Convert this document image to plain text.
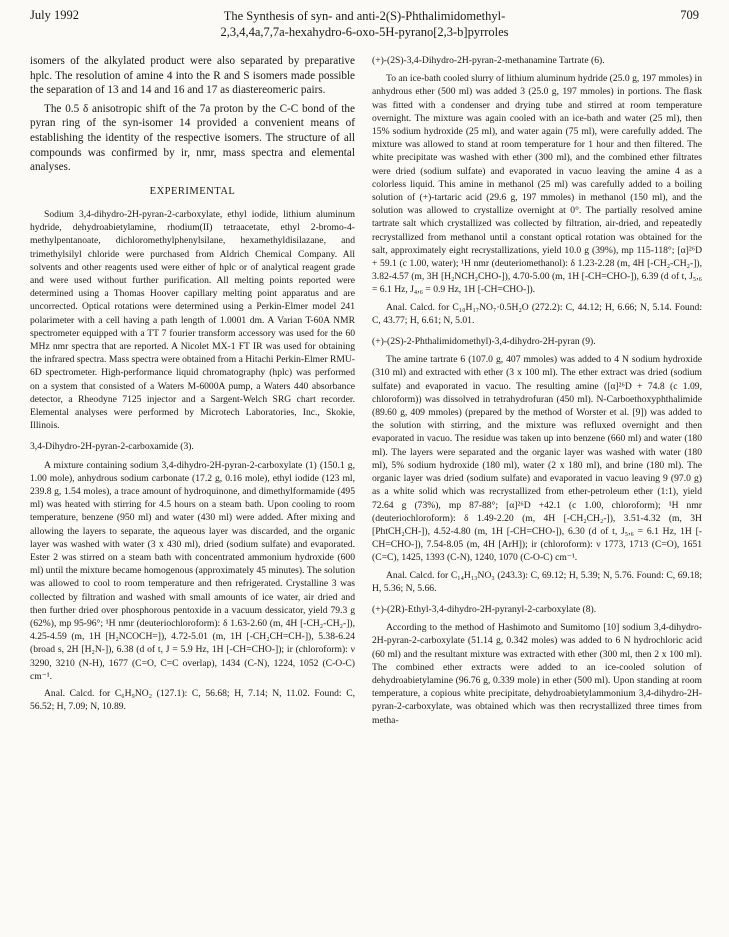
July 1992	The Synthesis of syn- and anti-2(S)-Phthalimidomethyl-
2,3,4,4a,7,7a-hexahydro-6-oxo-5H-pyrano[2,3-b]pyrroles
709

isomers of the alkylated product were also separated by preparative hplc. The resolution of amine 4 into the R and S isomers made possible the separation of 13 and 14 and 16 and 17 as diastereomeric pairs.

The 0.5 δ anisotropic shift of the 7a proton by the C-C bond of the pyran ring of the syn-isomer 14 provided a convenient means of establishing the identity of the respective isomers. The structure of all compounds was confirmed by ir, nmr, mass spectra and elemental analyses.

EXPERIMENTAL

Sodium 3,4-dihydro-2H-pyran-2-carboxylate, ethyl iodide, lithium aluminum hydride, dehydroabietylamine, rhodium(II) tetraacetate, ethyl 2-bromo-4-methylpentanoate, dichloromethylphenylsilane, hexamethyldisilazane, and trimethylsilyl chloride were purchased from Aldrich Chemical Company. All solvents and other reagents used were either of hplc or of analytical reagent grade and were used without further purification. All melting points reported were determined using a Thomas Hoover capillary melting point apparatus and are uncorrected. Optical rotations were determined using a Perkin-Elmer model 241 polarimeter with a cell having a path length of 1.0001 dm. A Varian T-60A NMR spectrometer equipped with a TT 7 fourier transform accessory was used for the 60 MHz nmr spectra that are reported. A Nicolet MX-1 FT IR was used for obtaining the infrared spectra. Mass spectra were obtained from a Hitachi Perkin-Elmer RMU-6D spectrometer. High-performance liquid chromatography (hplc) was performed on a system that consisted of a Waters M-6000A pump, a Waters 440 absorbance detector, a Rheodyne 7125 injector and a Sargent-Welch SRG chart recorder. Elemental analyses were performed by Microtech Laboratories, Inc., Skokie, Illinois.

3,4-Dihydro-2H-pyran-2-carboxamide (3).

A mixture containing sodium 3,4-dihydro-2H-pyran-2-carboxylate (1) (150.1 g, 1.00 mole), anhydrous sodium carbonate (17.2 g, 0.16 mole), ethyl iodide (123 ml, 239.8 g, 1.54 moles), a trace amount of hydroquinone, and dimethylformamide (495 ml) was heated with stirring for 4.5 hours on a steam bath. Upon cooling to room temperature, benzene (950 ml) and water (430 ml) were added. After mixing and allowing the layers to separate, the aqueous layer was discarded, and the organic layer was washed with water (3 x 430 ml), dried (sodium sulfate) and evaporated. Ester 2 was stirred on a steam bath with concentrated ammonium hydroxide (600 ml) until the mixture became homogenous (approximately 45 minutes). The solution was allowed to cool to room temperature and then refrigerated. Crystalline 3 was collected by filtration and washed with small amounts of ice water, air dried and then further dried over phosphorous pentoxide in a vacuum dessicator, yield 79.3 g (62%), mp 95-96°; ¹H nmr (deuteriochloroform): δ 1.63-2.60 (m, 4H [-CH₂-CH₂-]), 4.25-4.59 (m, 1H [H₂NCOCH=]), 4.72-5.01 (m, 1H [-CH₂CH=CH-]), 5.38-6.24 (broad s, 2H [H₂N-]), 6.38 (d of t, J = 5.9 Hz, 1H [-CH=CHO-]); ir (chloroform): ν 3290, 3210 (N-H), 1677 (C=O, C=C overlap), 1434 (C-N), 1224, 1052 (C-O-C) cm⁻¹.

Anal. Calcd. for C₆H₉NO₂ (127.1): C, 56.68; H, 7.14; N, 11.02. Found: C, 56.52; H, 7.09; N, 10.89.

(+)-(2S)-3,4-Dihydro-2H-pyran-2-methanamine Tartrate (6).

To an ice-bath cooled slurry of lithium aluminum hydride (25.0 g, 197 mmoles) in anhydrous ether (500 ml) was added 3 (25.0 g, 197 mmoles) in portions. The flask was fitted with a condenser and drying tube and stirred at room temperature overnight. The mixture was again cooled with an ice-bath and water (25 ml), then 15% sodium hydroxide (25 ml), and water again (75 ml), were carefully added. The mixture was allowed to stand at room temperature for 1 hour and then filtered. The white precipitate was washed with ether (300 ml), and the combined ether filtrates were dried (sodium sulfate) and evaporated in vacuo leaving the amine 4 as a colorless liquid. This amine in methanol (25 ml) was carefully added to a boiling solution of (+)-tartaric acid (29.6 g, 197 mmoles) in methanol (150 ml), and the solution was allowed to crystallize overnight at 0°. The partially resolved amine tartrate salt which crystallized was collected by filtration, air-dried, and repeatedly recrystallized from methanol until a constant optical rotation was obtained for the salt, approximately eight recrystallizations, yield 10.0 g (39%), mp 115-118°; [α]²⁶D + 59.1 (c 1.00, water); ¹H nmr (deuteriomethanol): δ 1.23-2.28 (m, 4H [-CH₂-CH₂-]), 3.82-4.57 (m, 3H [H₂NCH₂CHO-]), 4.70-5.00 (m, 1H [-CH=CHO-]), 6.39 (d of t, J₅,₆ = 6.1 Hz, J₄,₆ = 0.9 Hz, 1H [-CH=CHO-]).

Anal. Calcd. for C₁₀H₁₇NO₇·0.5H₂O (272.2): C, 44.12; H, 6.66; N, 5.14. Found: C, 43.77; H, 6.61; N, 5.01.

(+)-(2S)-2-Phthalimidomethyl)-3,4-dihydro-2H-pyran (9).

The amine tartrate 6 (107.0 g, 407 mmoles) was added to 4 N sodium hydroxide (310 ml) and extracted with ether (3 x 100 ml). The ether extract was dried (sodium sulfate) and evaporated in vacuo. The resulting amine ([α]²⁶D + 74.8 (c 1.09, chloroform)) was dissolved in tetrahydrofuran (450 ml). N-Carboethoxyphthalimide (89.60 g, 409 mmoles) (prepared by the method of Worster et al. [9]) was added to the solution with stirring, and the mixture was refluxed overnight and then evaporated in vacuo. The residue was taken up into benzene (660 ml) and water (180 ml). The layers were separated and the organic layer was washed with water (180 ml), 5% sodium hydroxide (180 ml), water (2 x 180 ml), and brine (180 ml). The organic layer was dried (sodium sulfate) and evaporated in vacuo leaving 9 (97.0 g) as a white solid which was recrystallized from ether-petroleum ether (1:1), yield 72.64 g (73%), mp 87-88°; [α]²⁶D +42.1 (c 1.00, chloroform); ¹H nmr (deuteriochloroform): δ 1.49-2.20 (m, 4H [-CH₂CH₂-]), 3.51-4.32 (m, 3H [PhtCH₂CH-]), 4.52-4.80 (m, 1H [-CH=CHO-]), 6.30 (d of t, J₅,₆ = 6.1 Hz, 1H [-CH=CHO-]), 7.54-8.05 (m, 4H [ArH]); ir (chloroform): ν 1773, 1713 (C=O), 1651 (C=C), 1425, 1393 (C-N), 1240, 1070 (C-O-C) cm⁻¹.

Anal. Calcd. for C₁₄H₁₃NO₃ (243.3): C, 69.12; H, 5.39; N, 5.76. Found: C, 69.18; H, 5.36; N, 5.66.

(+)-(2R)-Ethyl-3,4-dihydro-2H-pyranyl-2-carboxylate (8).

According to the method of Hashimoto and Sumitomo [10] sodium 3,4-dihydro-2H-pyran-2-carboxylate (51.14 g, 0.342 moles) was added to 6 N hydrochloric acid (60 ml) and the resultant mixture was extracted with ether (300 ml, then 2 x 100 ml). The combined ether extracts were added to an ice-cooled solution of dehydroabietylamine (96.76 g, 0.339 mole) in ether (500 ml). Upon standing at room temperature, a copious white precipitate, dehydroabietylammonium 3,4-dihydro-2H-pyran-2-carboxylate, was obtained which was then recrystallized three times from metha-
